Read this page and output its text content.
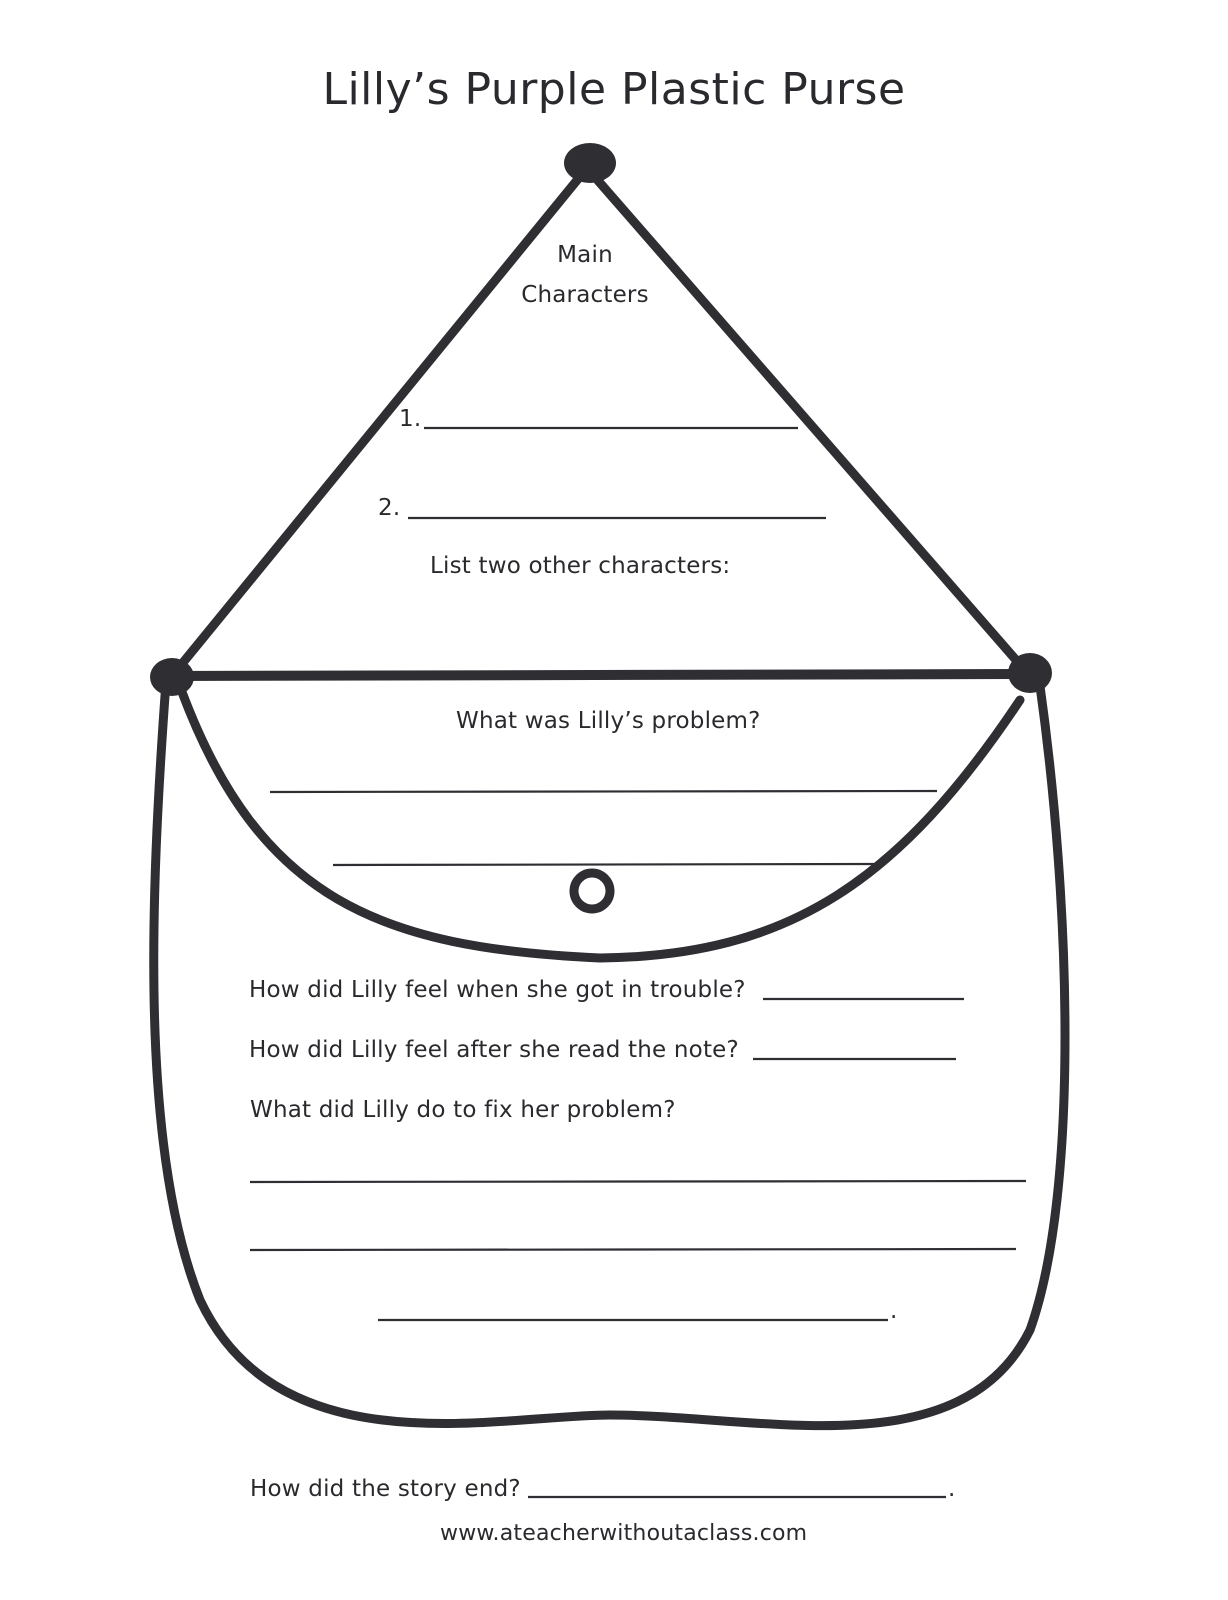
Lilly’s Purple Plastic Purse
Main
Characters
1.
2.
List two other characters:
What was Lilly’s problem?
How did Lilly feel when she got in trouble?
How did Lilly feel after she read the note?
What did Lilly do to fix her problem?
.
How did the story end?	.
www.ateacherwithoutaclass.com
